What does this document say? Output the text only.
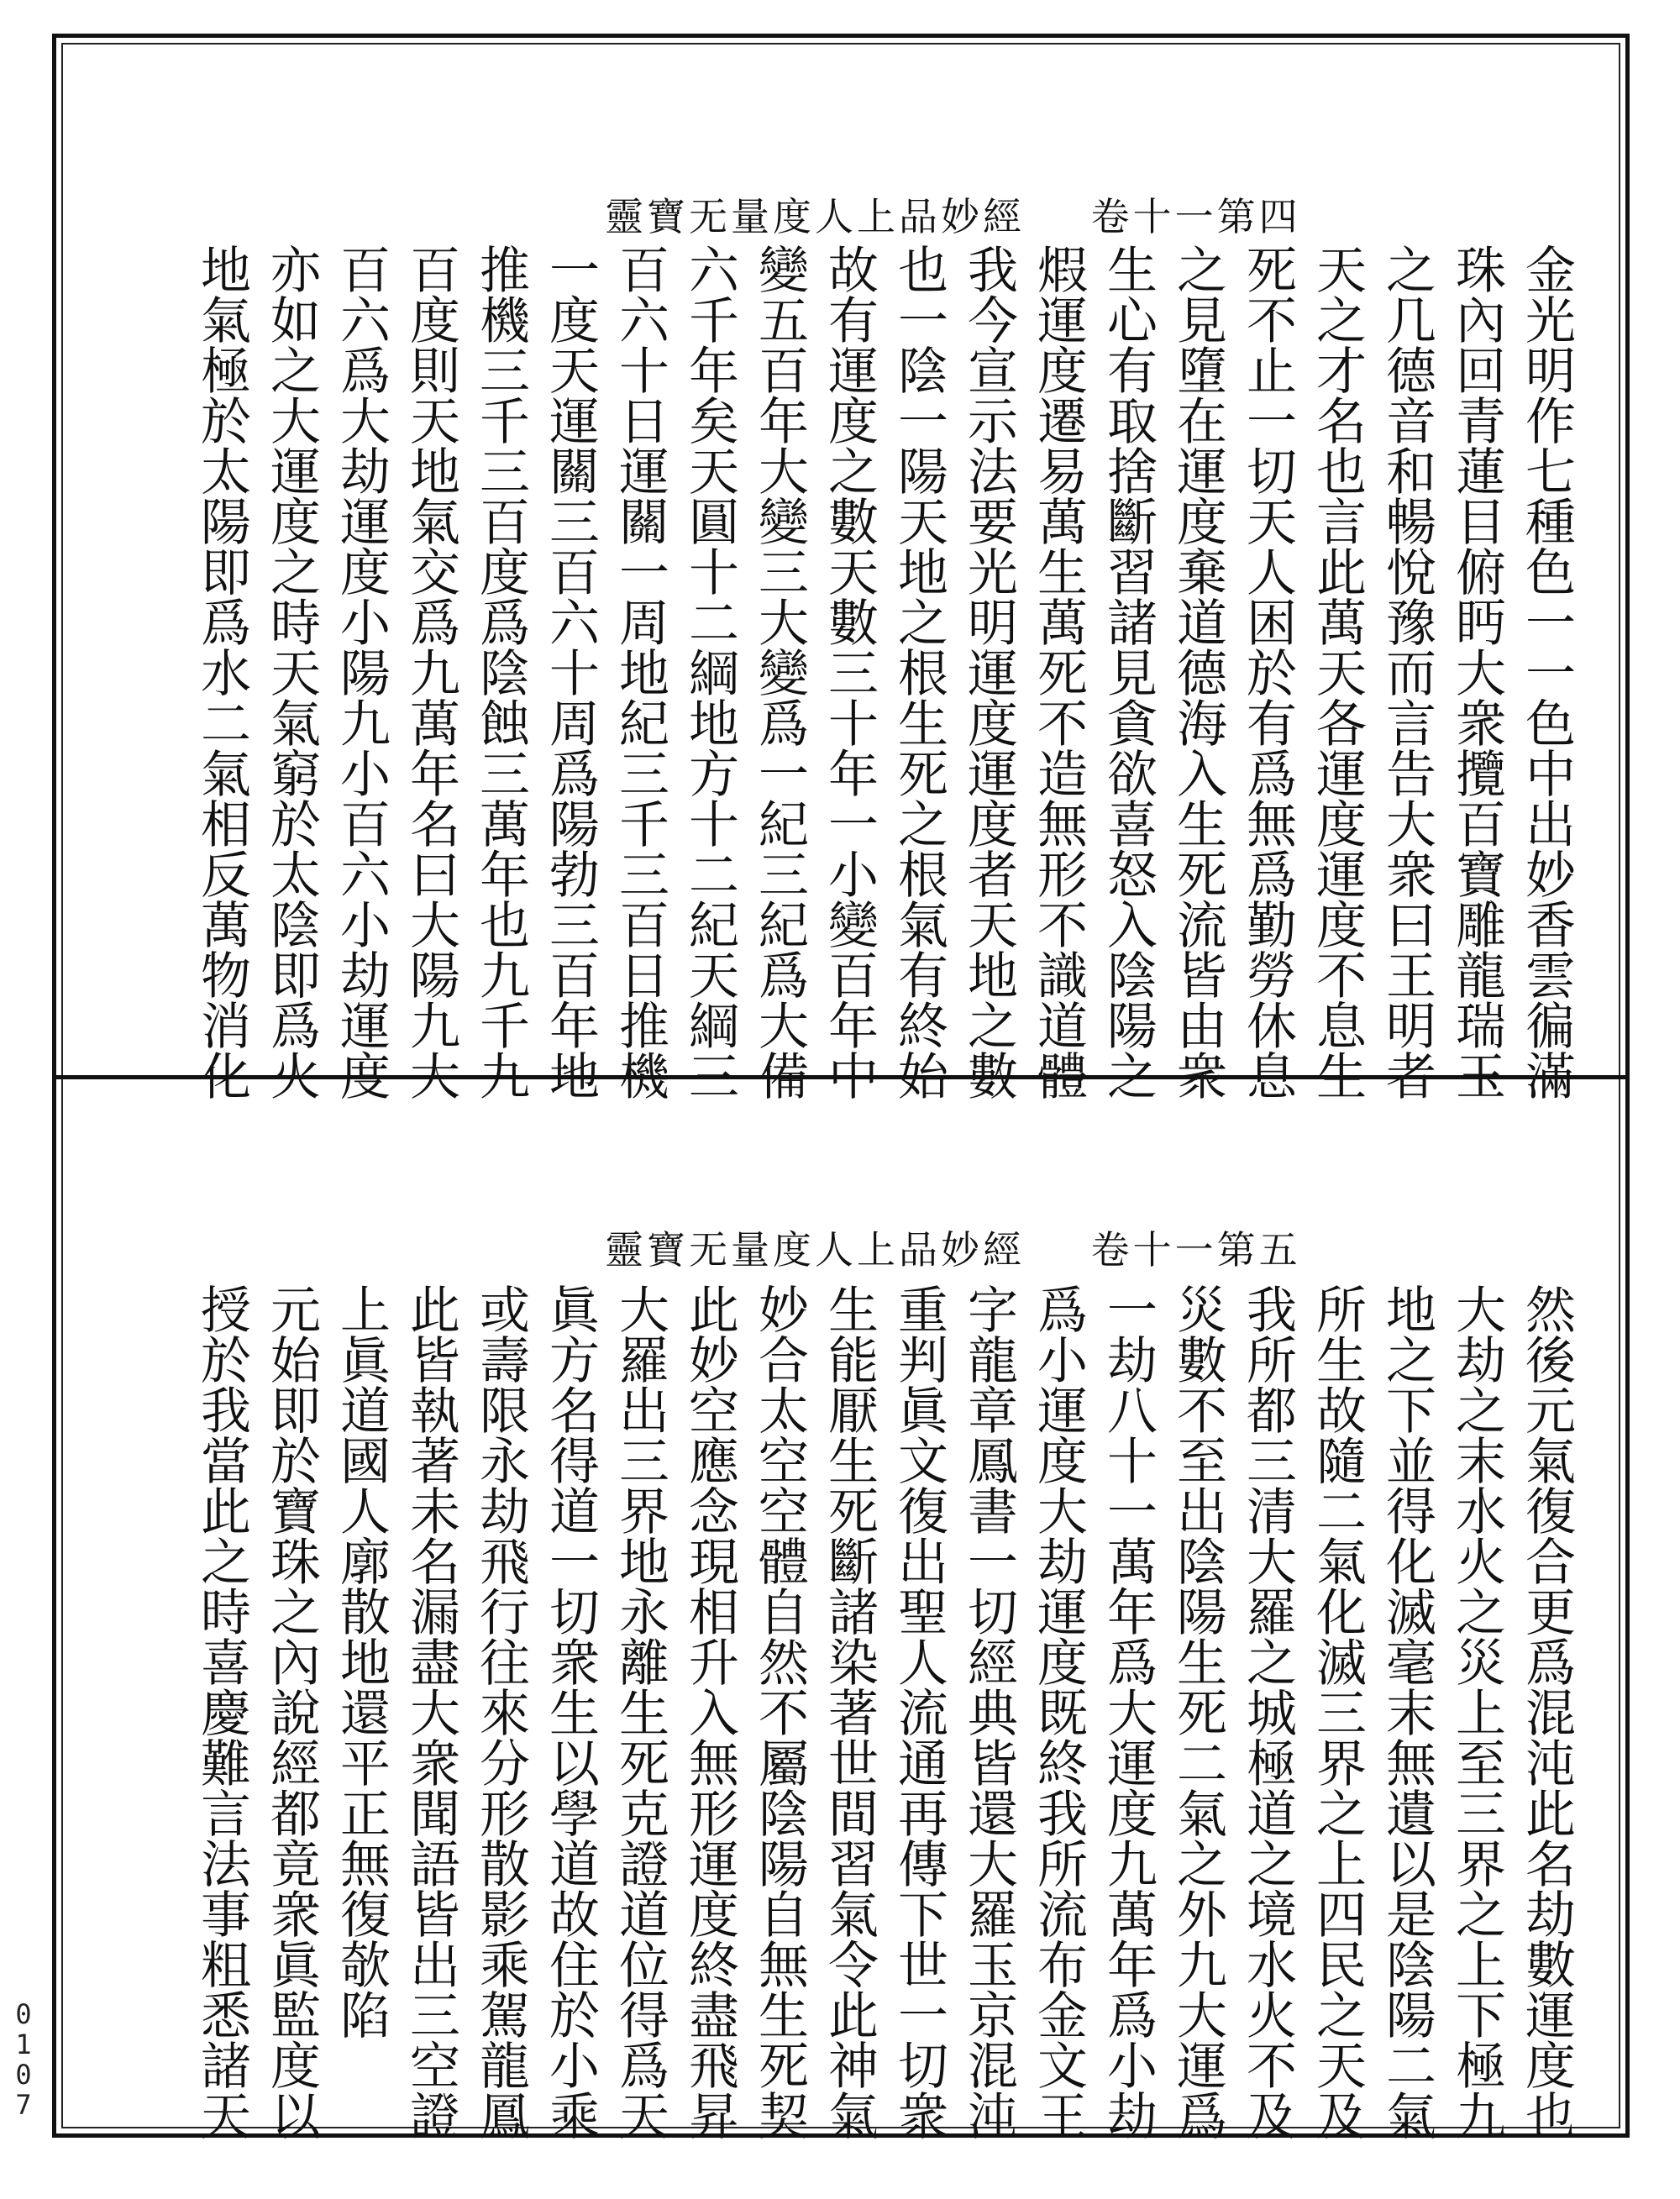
靈寶无量度人上品妙經 卷十一第四
金光明作七種色一一色中出妙香雲徧滿
珠內回青蓮目俯眄大衆攬百寶雕龍瑞玉
之几德音和暢悅豫而言告大衆曰王明者
天之才名也言此萬天各運度運度不息生
死不止一切天人困於有爲無爲勤勞休息
之見墮在運度棄道德海入生死流皆由衆
生心有取捨斷習諸見貪欲喜怒入陰陽之
煆運度遷易萬生萬死不造無形不識道體
我今宣示法要光明運度運度者天地之數
也一陰一陽天地之根生死之根氣有終始
故有運度之數天數三十年一小變百年中
變五百年大變三大變爲一紀三紀爲大備
六千年矣天圓十二綱地方十二紀天綱三
百六十日運關一周地紀三千三百日推機
一度天運關三百六十周爲陽勃三百年地
推機三千三百度爲陰蝕三萬年也九千九
百度則天地氣交爲九萬年名曰大陽九大
百六爲大劫運度小陽九小百六小劫運度
亦如之大運度之時天氣窮於太陰即爲火
地氣極於太陽即爲水二氣相反萬物消化
靈寶无量度人上品妙經 卷十一第五
然後元氣復合更爲混沌此名劫數運度也
大劫之末水火之災上至三界之上下極九
地之下並得化滅毫末無遺以是陰陽二氣
所生故隨二氣化滅三界之上四民之天及
我所都三清大羅之城極道之境水火不及
災數不至出陰陽生死二氣之外九大運爲
一劫八十一萬年爲大運度九萬年爲小劫
爲小運度大劫運度既終我所流布金文王
字龍章鳳書一切經典皆還大羅玉京混沌
重判眞文復出聖人流通再傳下世一切衆
生能厭生死斷諸染著世間習氣令此神氣
妙合太空空體自然不屬陰陽自無生死契
此妙空應念現相升入無形運度終盡飛昇
大羅出三界地永離生死克證道位得爲天
眞方名得道一切衆生以學道故住於小乘
或壽限永劫飛行往來分形散影乘駕龍鳳
此皆執著未名漏盡大衆聞語皆出三空證
上眞道國人廓散地還平正無復欹陷
元始即於寶珠之內說經都竟衆眞監度以
授於我當此之時喜慶難言法事粗悉諸天
0
1
0
7
